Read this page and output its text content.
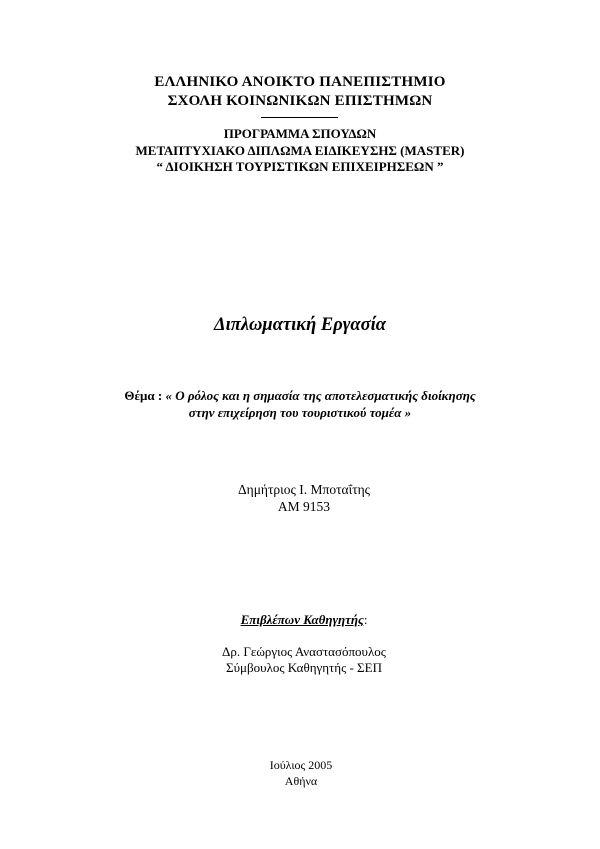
ΕΛΛΗΝΙΚΟ ΑΝΟΙΚΤΟ ΠΑΝΕΠΙΣΤΗΜΙΟ
ΣΧΟΛΗ ΚΟΙΝΩΝΙΚΩΝ ΕΠΙΣΤΗΜΩΝ
ΠΡΟΓΡΑΜΜΑ ΣΠΟΥΔΩΝ
ΜΕΤΑΠΤΥΧΙΑΚΟ ΔΙΠΛΩΜΑ ΕΙΔΙΚΕΥΣΗΣ (MASTER)
“ ΔΙΟΙΚΗΣΗ ΤΟΥΡΙΣΤΙΚΩΝ ΕΠΙΧΕΙΡΗΣΕΩΝ ”
Διπλωματική Εργασία
Θέμα : « Ο ρόλος και η σημασία της αποτελεσματικής διοίκησης
στην επιχείρηση του τουριστικού τομέα »
Δημήτριος Ι. Μποταΐτης
ΑΜ 9153
Επιβλέπων Καθηγητής:
Δρ. Γεώργιος Αναστασόπουλος
Σύμβουλος Καθηγητής - ΣΕΠ
Ιούλιος 2005
Αθήνα
